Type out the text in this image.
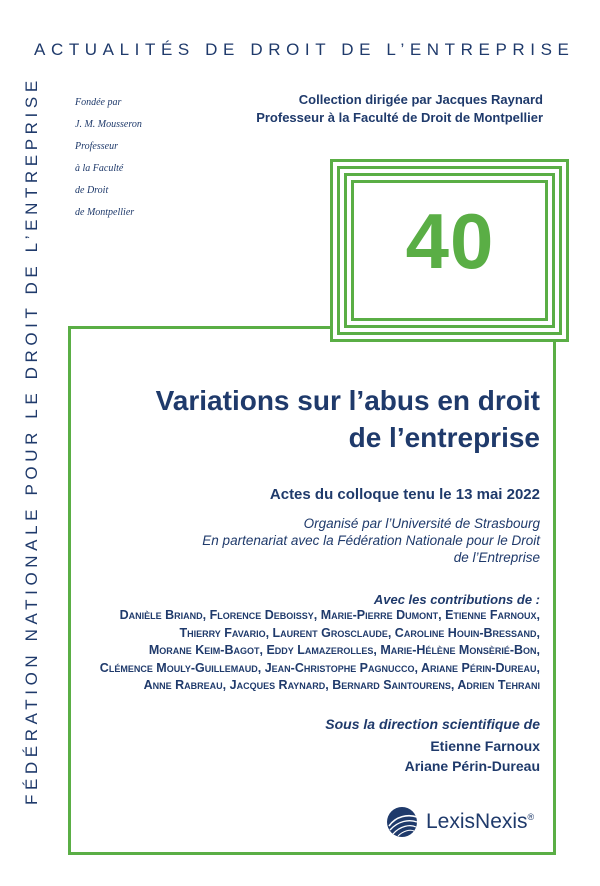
ACTUALITÉS DE DROIT DE L’ENTREPRISE
FÉDÉRATION NATIONALE POUR LE DROIT DE L’ENTREPRISE	Fondée par
J. M. Mousseron
Professeur
à la Faculté
de Droit
de Montpellier
Collection dirigée par Jacques Raynard
Professeur à la Faculté de Droit de Montpellier
40
Variations sur l’abus en droit
de l’entreprise
Actes du colloque tenu le 13 mai 2022
Organisé par l’Université de Strasbourg
En partenariat avec la Fédération Nationale pour le Droit
de l’Entreprise
Avec les contributions de :
Danièle Briand, Florence Deboissy, Marie-Pierre Dumont, Etienne Farnoux,
Thierry Favario, Laurent Grosclaude, Caroline Houin-Bressand,
Morane Keim-Bagot, Eddy Lamazerolles, Marie-Hélène Monsèrié-Bon,
Clémence Mouly-Guillemaud, Jean-Christophe Pagnucco, Ariane Périn-Dureau,
Anne Rabreau, Jacques Raynard, Bernard Saintourens, Adrien Tehrani
Sous la direction scientifique de
Etienne Farnoux
Ariane Périn-Dureau
LexisNexis®
